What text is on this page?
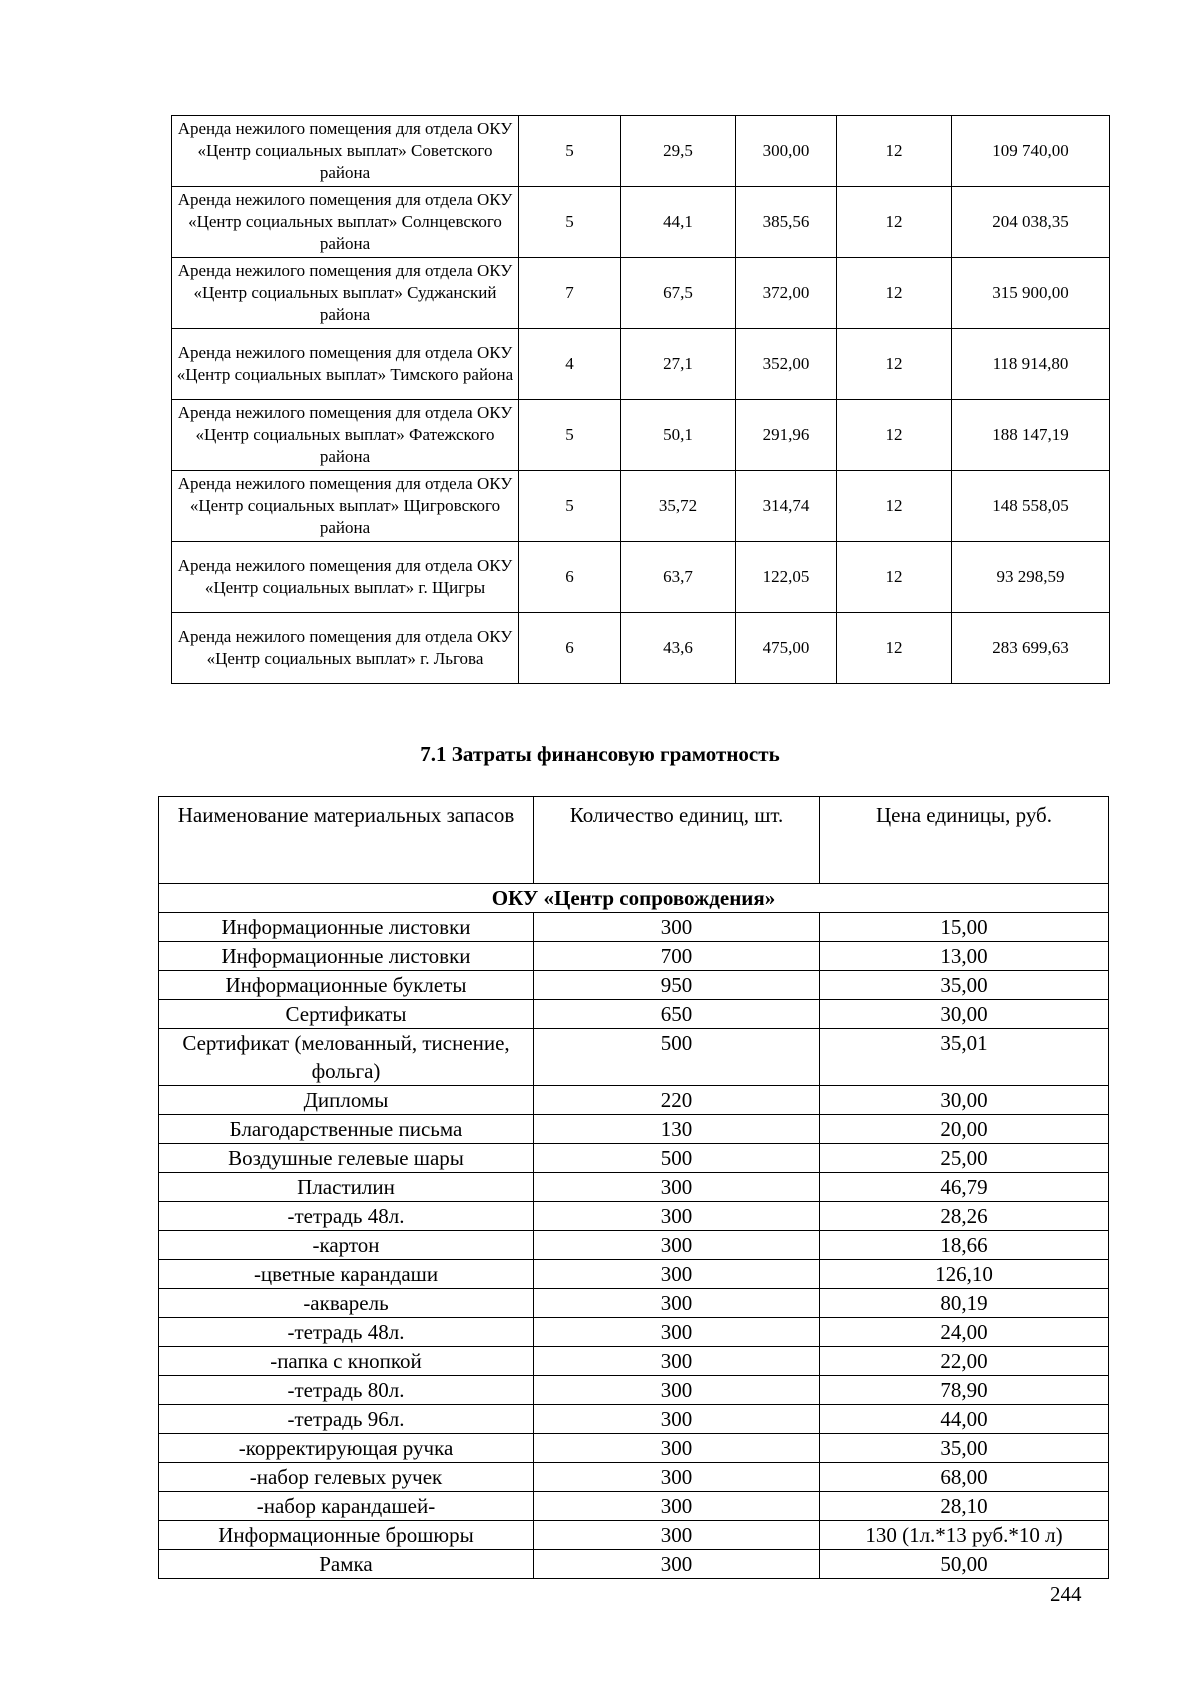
Аренда нежилого помещения для отдела ОКУ «Центр социальных выплат» Советского района	5	29,5	300,00	12	109 740,00
Аренда нежилого помещения для отдела ОКУ «Центр социальных выплат» Солнцевского района	5	44,1	385,56	12	204 038,35
Аренда нежилого помещения для отдела ОКУ «Центр социальных выплат» Суджанский района	7	67,5	372,00	12	315 900,00
Аренда нежилого помещения для отдела ОКУ «Центр социальных выплат» Тимского района	4	27,1	352,00	12	118 914,80
Аренда нежилого помещения для отдела ОКУ «Центр социальных выплат» Фатежского района	5	50,1	291,96	12	188 147,19
Аренда нежилого помещения для отдела ОКУ «Центр социальных выплат» Щигровского района	5	35,72	314,74	12	148 558,05
Аренда нежилого помещения для отдела ОКУ «Центр социальных выплат» г. Щигры	6	63,7	122,05	12	93 298,59
Аренда нежилого помещения для отдела ОКУ «Центр социальных выплат» г. Льгова	6	43,6	475,00	12	283 699,63
7.1 Затраты финансовую грамотность
Наименование материальных запасов	Количество единиц, шт.	Цена единицы, руб.
ОКУ «Центр сопровождения»		
Информационные листовки	300	15,00
Информационные листовки	700	13,00
Информационные буклеты	950	35,00
Сертификаты	650	30,00
Сертификат (мелованный, тиснение, фольга)	500	35,01
Дипломы	220	30,00
Благодарственные письма	130	20,00
Воздушные гелевые шары	500	25,00
Пластилин	300	46,79
-тетрадь 48л.	300	28,26
-картон	300	18,66
-цветные карандаши	300	126,10
-акварель	300	80,19
-тетрадь 48л.	300	24,00
-папка с кнопкой	300	22,00
-тетрадь 80л.	300	78,90
-тетрадь 96л.	300	44,00
-корректирующая ручка	300	35,00
-набор гелевых ручек	300	68,00
-набор карандашей-	300	28,10
Информационные брошюры	300	130 (1л.*13 руб.*10 л)
Рамка	300	50,00
244
